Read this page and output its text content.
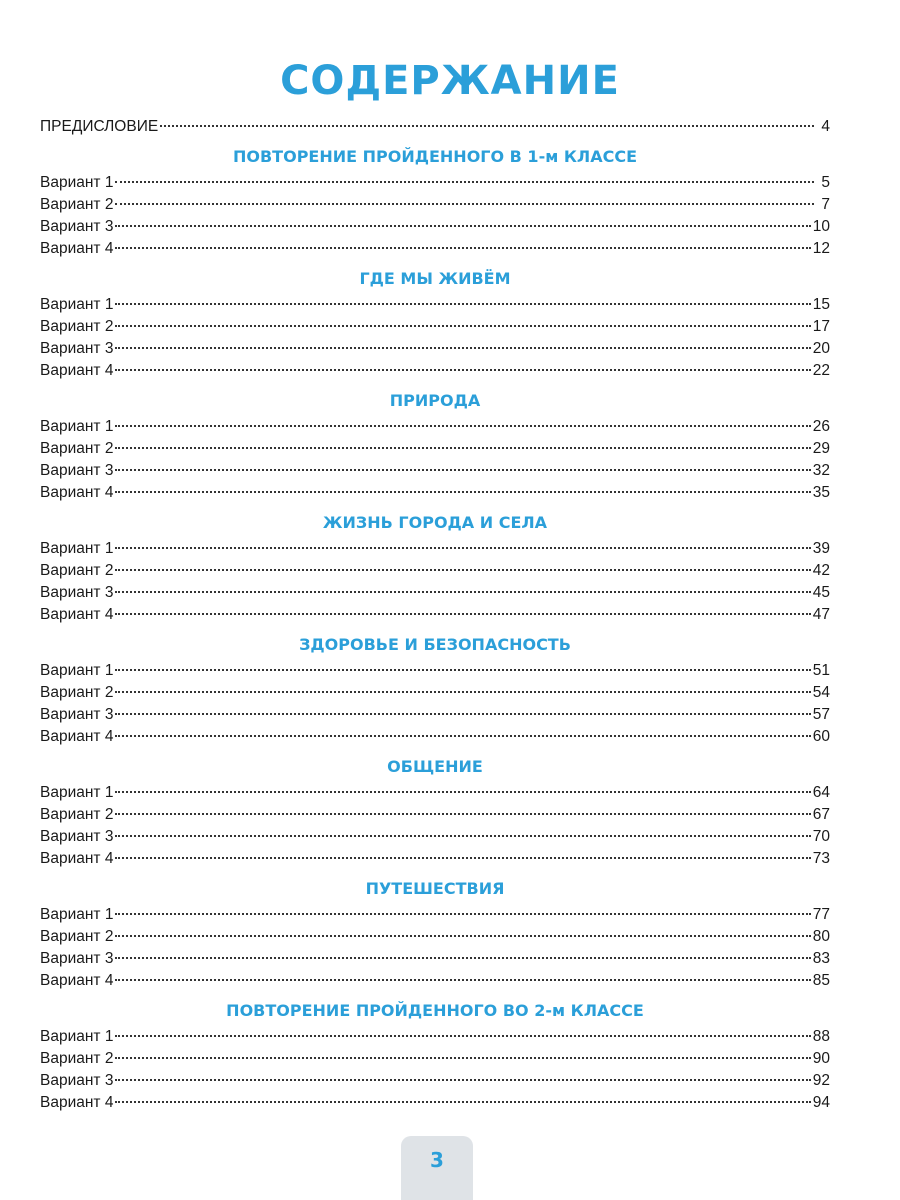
СОДЕРЖАНИЕ
ПРЕДИСЛОВИЕ	4
ПОВТОРЕНИЕ ПРОЙДЕННОГО В 1-м КЛАССЕ
Вариант 1	5
Вариант 2	7
Вариант 3	10
Вариант 4	12
ГДЕ МЫ ЖИВЁМ
Вариант 1	15
Вариант 2	17
Вариант 3	20
Вариант 4	22
ПРИРОДА
Вариант 1	26
Вариант 2	29
Вариант 3	32
Вариант 4	35
ЖИЗНЬ ГОРОДА И СЕЛА
Вариант 1	39
Вариант 2	42
Вариант 3	45
Вариант 4	47
ЗДОРОВЬЕ И БЕЗОПАСНОСТЬ
Вариант 1	51
Вариант 2	54
Вариант 3	57
Вариант 4	60
ОБЩЕНИЕ
Вариант 1	64
Вариант 2	67
Вариант 3	70
Вариант 4	73
ПУТЕШЕСТВИЯ
Вариант 1	77
Вариант 2	80
Вариант 3	83
Вариант 4	85
ПОВТОРЕНИЕ ПРОЙДЕННОГО ВО 2-м КЛАССЕ
Вариант 1	88
Вариант 2	90
Вариант 3	92
Вариант 4	94
3
